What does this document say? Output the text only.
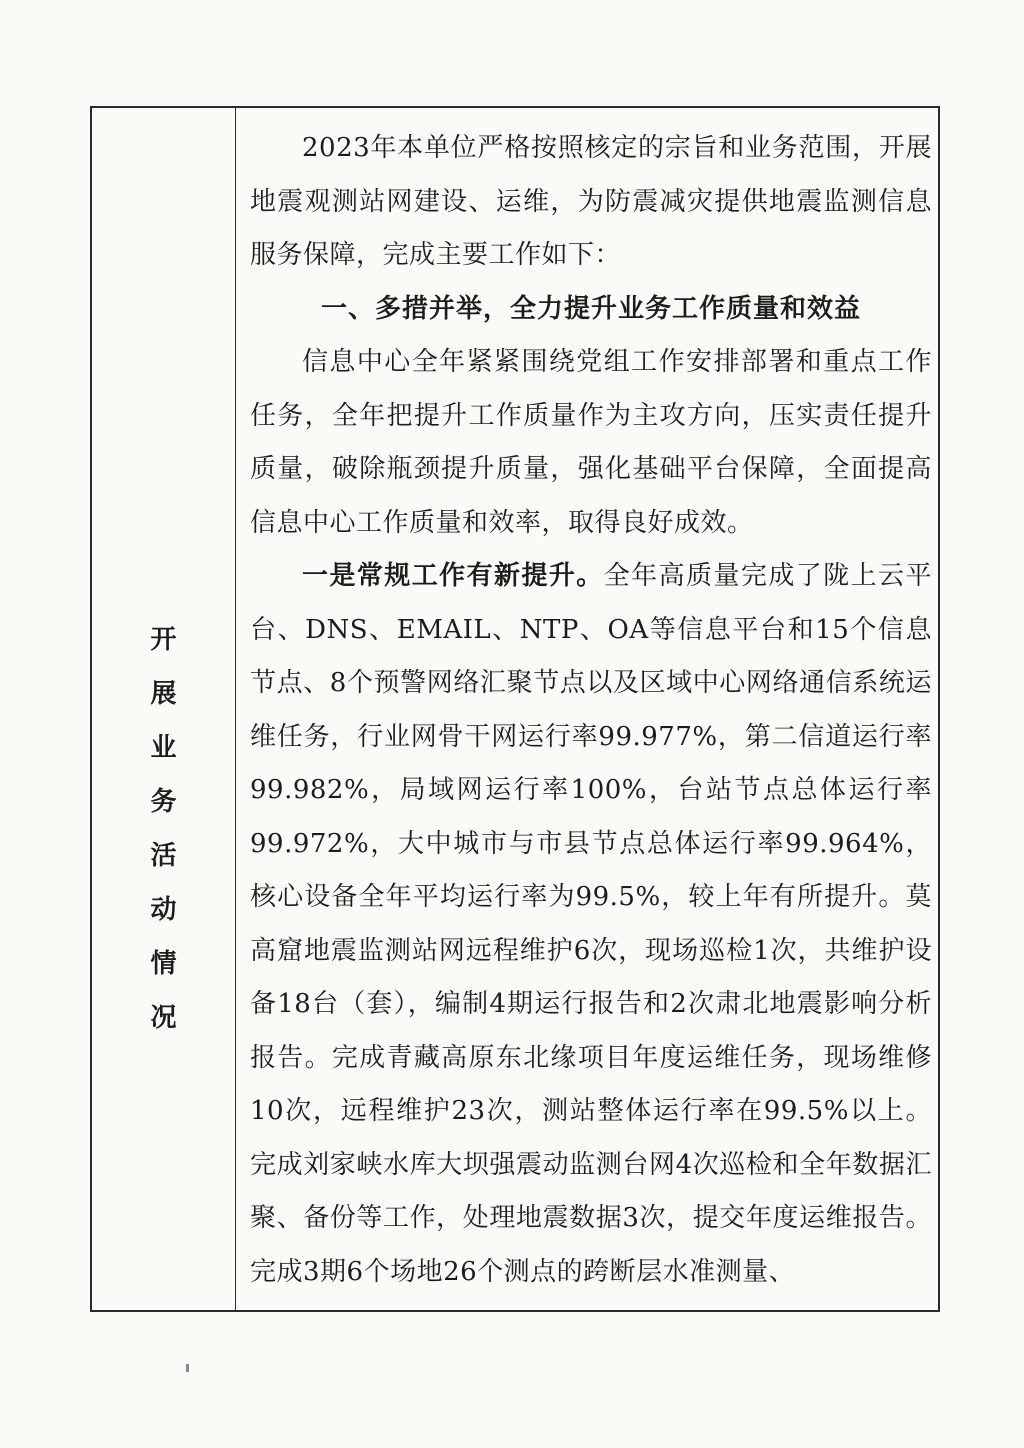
开
展
业
务
活
动
情
况

2023年本单位严格按照核定的宗旨和业务范围，开展地震观测站网建设、运维，为防震减灾提供地震监测信息服务保障，完成主要工作如下：

一、多措并举，全力提升业务工作质量和效益

信息中心全年紧紧围绕党组工作安排部署和重点工作任务，全年把提升工作质量作为主攻方向，压实责任提升质量，破除瓶颈提升质量，强化基础平台保障，全面提高信息中心工作质量和效率，取得良好成效。

一是常规工作有新提升。全年高质量完成了陇上云平台、DNS、EMAIL、NTP、OA等信息平台和15个信息节点、8个预警网络汇聚节点以及区域中心网络通信系统运维任务，行业网骨干网运行率99.977%，第二信道运行率99.982%，局域网运行率100%，台站节点总体运行率99.972%，大中城市与市县节点总体运行率99.964%，核心设备全年平均运行率为99.5%，较上年有所提升。莫高窟地震监测站网远程维护6次，现场巡检1次，共维护设备18台（套），编制4期运行报告和2次肃北地震影响分析报告。完成青藏高原东北缘项目年度运维任务，现场维修10次，远程维护23次，测站整体运行率在99.5%以上。完成刘家峡水库大坝强震动监测台网4次巡检和全年数据汇聚、备份等工作，处理地震数据3次，提交年度运维报告。完成3期6个场地26个测点的跨断层水准测量、
